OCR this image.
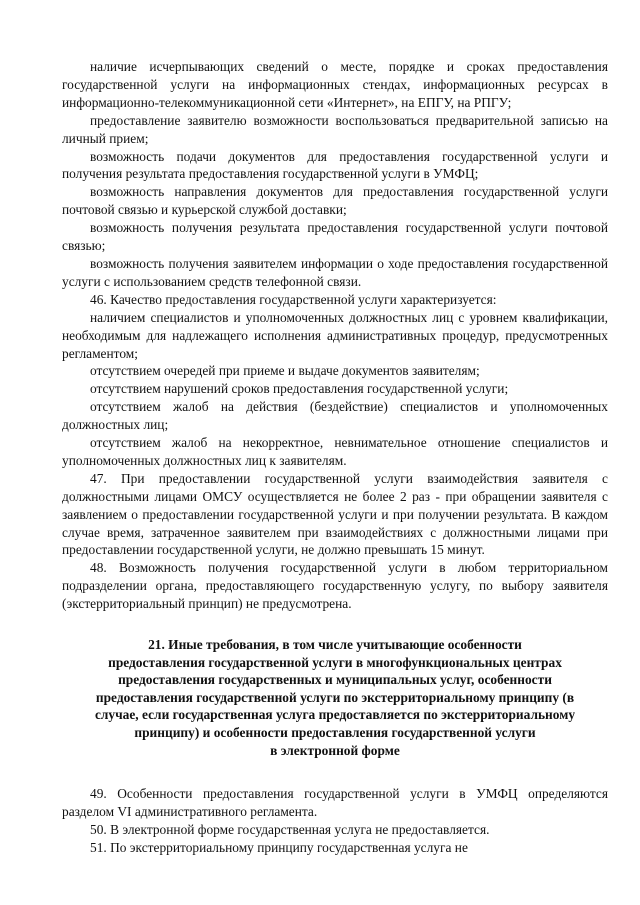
наличие исчерпывающих сведений о месте, порядке и сроках предоставления государственной услуги на информационных стендах, информационных ресурсах в информационно-телекоммуникационной сети «Интернет», на ЕПГУ, на РПГУ;

предоставление заявителю возможности воспользоваться предварительной записью на личный прием;

возможность подачи документов для предоставления государственной услуги и получения результата предоставления государственной услуги в УМФЦ;

возможность направления документов для предоставления государственной услуги почтовой связью и курьерской службой доставки;

возможность получения результата предоставления государственной услуги почтовой связью;

возможность получения заявителем информации о ходе предоставления государственной услуги с использованием средств телефонной связи.

46. Качество предоставления государственной услуги характеризуется:

наличием специалистов и уполномоченных должностных лиц с уровнем квалификации, необходимым для надлежащего исполнения административных процедур, предусмотренных регламентом;

отсутствием очередей при приеме и выдаче документов заявителям;

отсутствием нарушений сроков предоставления государственной услуги;

отсутствием жалоб на действия (бездействие) специалистов и уполномоченных должностных лиц;

отсутствием жалоб на некорректное, невнимательное отношение специалистов и уполномоченных должностных лиц к заявителям.

47. При предоставлении государственной услуги взаимодействия заявителя с должностными лицами ОМСУ осуществляется не более 2 раз - при обращении заявителя с заявлением о предоставлении государственной услуги и при получении результата. В каждом случае время, затраченное заявителем при взаимодействиях с должностными лицами при предоставлении государственной услуги, не должно превышать 15 минут.

48. Возможность получения государственной услуги в любом территориальном подразделении органа, предоставляющего государственную услугу, по выбору заявителя (экстерриториальный принцип) не предусмотрена.

21. Иные требования, в том числе учитывающие особенности
предоставления государственной услуги в многофункциональных центрах
предоставления государственных и муниципальных услуг, особенности
предоставления государственной услуги по экстерриториальному принципу (в
случае, если государственная услуга предоставляется по экстерриториальному
принципу) и особенности предоставления государственной услуги
в электронной форме

49. Особенности предоставления государственной услуги в УМФЦ определяются разделом VI административного регламента.

50. В электронной форме государственная услуга не предоставляется.

51. По экстерриториальному принципу государственная услуга не
